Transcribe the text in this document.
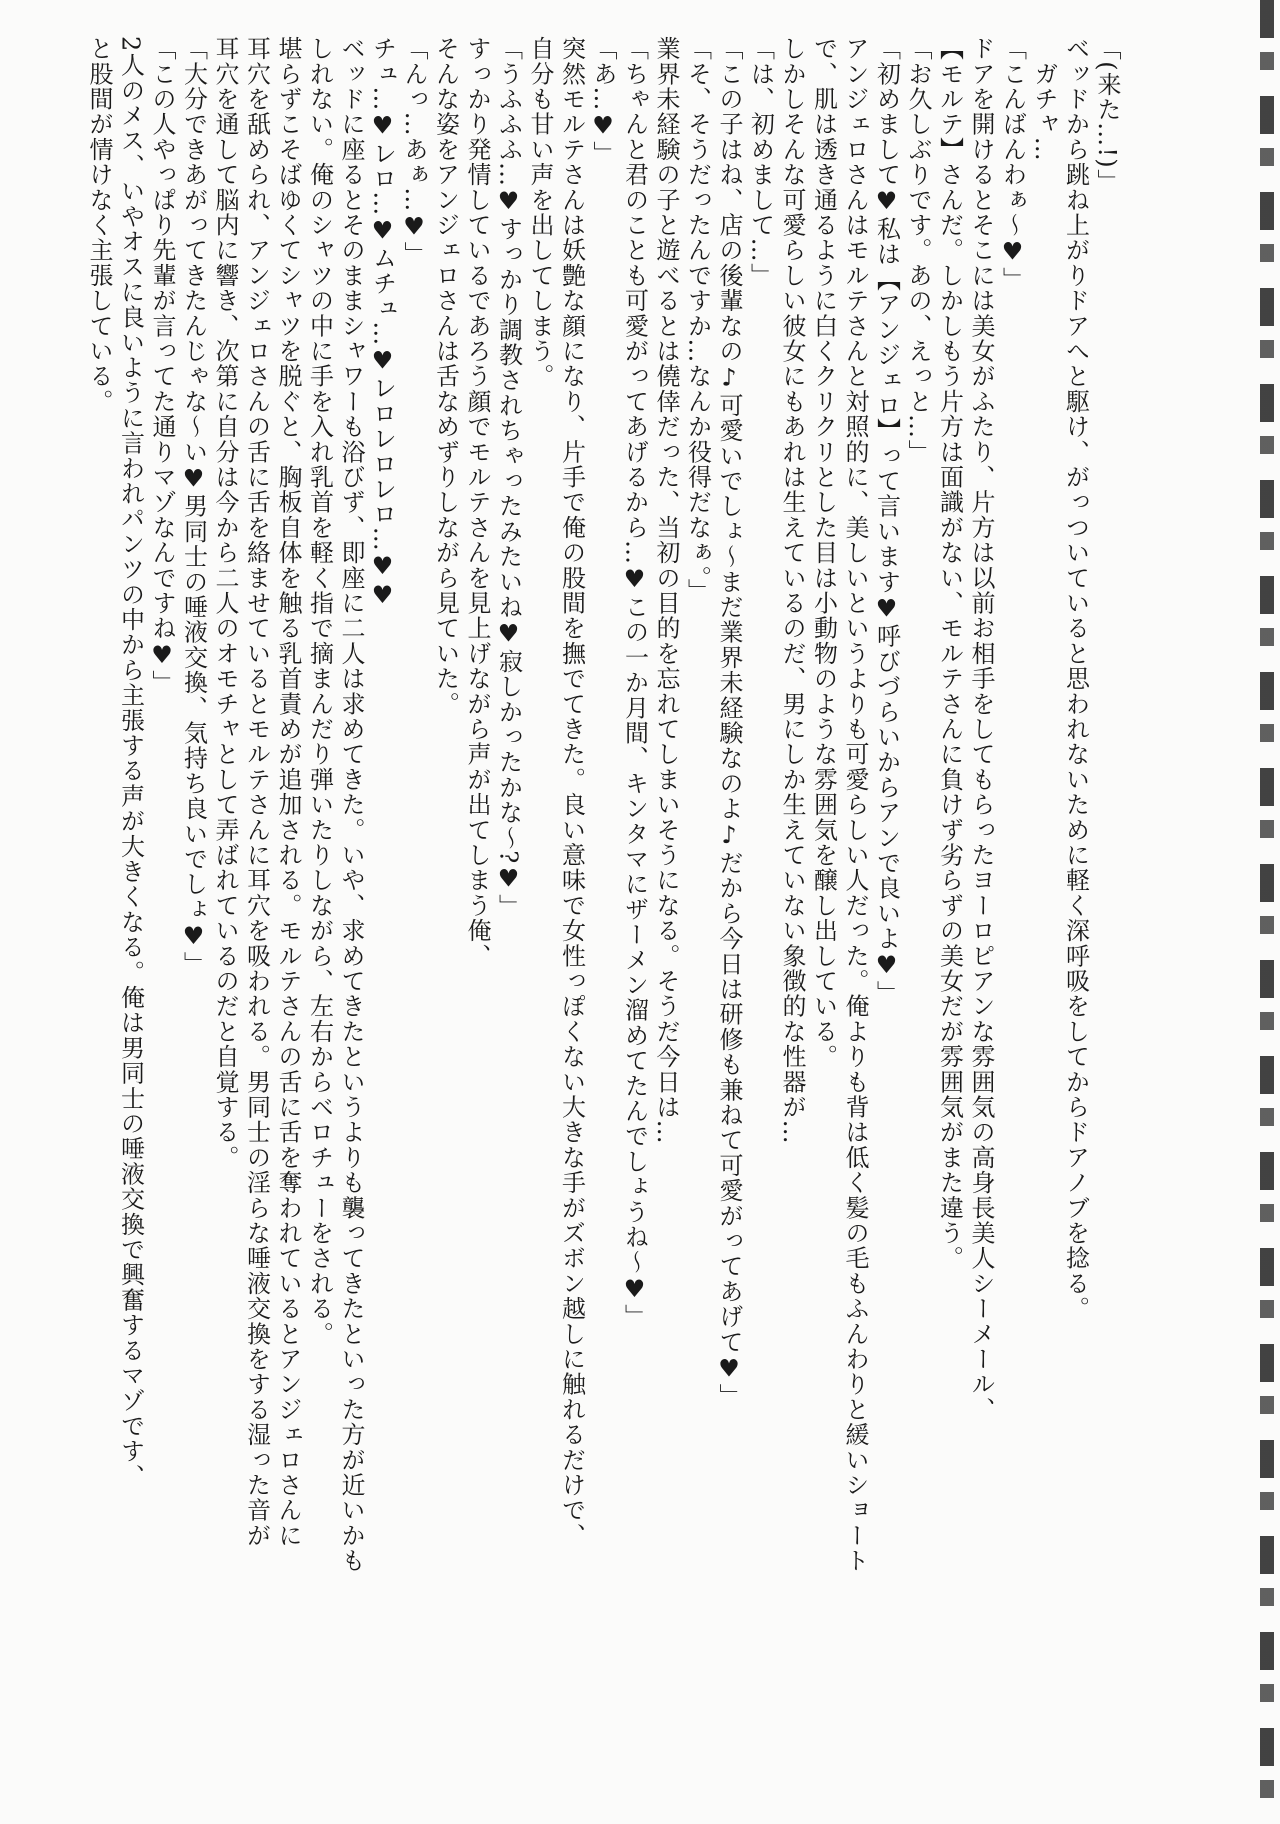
「(来た…!)」
ベッドから跳ね上がりドアへと駆け、がっついていると思われないために軽く深呼吸をしてからドアノブを捻る。
　ガチャ…
「こんばんわぁ〜♥」
ドアを開けるとそこには美女がふたり、片方は以前お相手をしてもらったヨーロピアンな雰囲気の高身長美人シーメール、
【モルテ】さんだ。しかしもう片方は面識がない、モルテさんに負けず劣らずの美女だが雰囲気がまた違う。
「お久しぶりです。あの、えっと…」
「初めまして♥私は【アンジェロ】って言います♥呼びづらいからアンで良いよ♥」
アンジェロさんはモルテさんと対照的に、美しいというよりも可愛らしい人だった。俺よりも背は低く髪の毛もふんわりと緩いショート
で、肌は透き通るように白くクリクリとした目は小動物のような雰囲気を醸し出している。
しかしそんな可愛らしい彼女にもあれは生えているのだ、男にしか生えていない象徴的な性器が…
「は、初めまして…」
「この子はね、店の後輩なの♪可愛いでしょ〜まだ業界未経験なのよ♪だから今日は研修も兼ねて可愛がってあげて♥」
「そ、そうだったんですか…なんか役得だなぁ。」
業界未経験の子と遊べるとは僥倖だった、当初の目的を忘れてしまいそうになる。そうだ今日は…
「ちゃんと君のことも可愛がってあげるから…♥この一か月間、キンタマにザーメン溜めてたんでしょうね〜♥」
「あ…♥」
突然モルテさんは妖艶な顔になり、片手で俺の股間を撫でてきた。良い意味で女性っぽくない大きな手がズボン越しに触れるだけで、
自分も甘い声を出してしまう。
「うふふふ…♥すっかり調教されちゃったみたいね♥寂しかったかな〜?♥」
すっかり発情しているであろう顔でモルテさんを見上げながら声が出てしまう俺、
そんな姿をアンジェロさんは舌なめずりしながら見ていた。
「んっ…あぁ…♥」
チュ…♥レロ…♥ムチュ…♥レロレロレロ…♥♥
ベッドに座るとそのままシャワーも浴びず、即座に二人は求めてきた。いや、求めてきたというよりも襲ってきたといった方が近いかも
しれない。俺のシャツの中に手を入れ乳首を軽く指で摘まんだり弾いたりしながら、左右からベロチューをされる。
堪らずこそばゆくてシャツを脱ぐと、胸板自体を触る乳首責めが追加される。モルテさんの舌に舌を奪われているとアンジェロさんに
耳穴を舐められ、アンジェロさんの舌に舌を絡ませているとモルテさんに耳穴を吸われる。男同士の淫らな唾液交換をする湿った音が
耳穴を通して脳内に響き、次第に自分は今から二人のオモチャとして弄ばれているのだと自覚する。
「大分できあがってきたんじゃな〜い♥男同士の唾液交換、気持ち良いでしょ♥」
「この人やっぱり先輩が言ってた通りマゾなんですね♥」
2人のメス、いやオスに良いように言われパンツの中から主張する声が大きくなる。俺は男同士の唾液交換で興奮するマゾです、
と股間が情けなく主張している。
